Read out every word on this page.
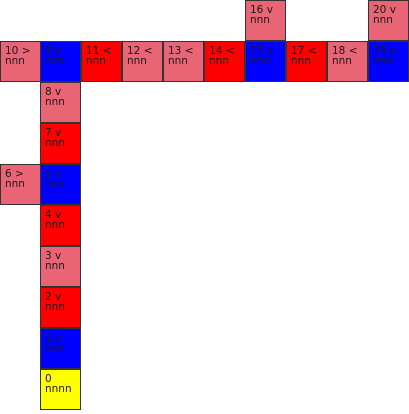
0
nnnn
1 v
nnn
2 v
nnn
3 v
nnn
4 v
nnn
5 v
nnn
6 >
nnn
7 v
nnn
8 v
nnn
9 v
nnn
10 >
nnn
11 <
nnn
12 <
nnn
13 <
nnn
14 <
nnn
15 v
nnn
16 v
nnn
17 <
nnn
18 <
nnn
19 v
nnn
20 v
nnn
